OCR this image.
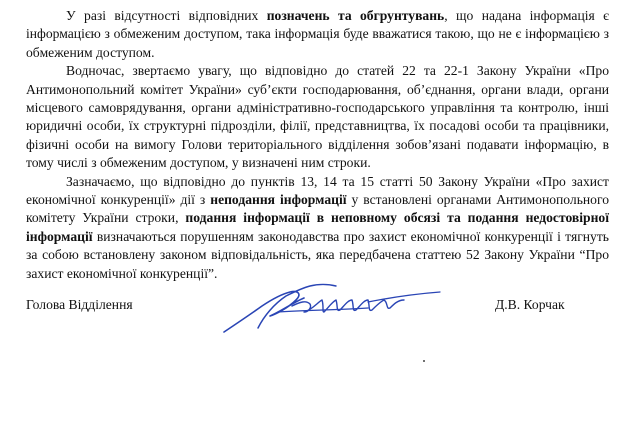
У разі відсутності відповідних позначень та обгрунтувань, що надана інформація є інформацією з обмеженим доступом, така інформація буде вважатися такою, що не є інформацією з обмеженим доступом.

Водночас, звертаємо увагу, що відповідно до статей 22 та 22-1 Закону України «Про Антимонопольний комітет України» суб’єкти господарювання, об’єднання, органи влади, органи місцевого самоврядування, органи адміністративно-господарського управління та контролю, інші юридичні особи, їх структурні підрозділи, філії, представництва, їх посадові особи та працівники, фізичні особи на вимогу Голови територіального відділення зобов’язані подавати інформацію, в тому числі з обмеженим доступом, у визначені ним строки.

Зазначаємо, що відповідно до пунктів 13, 14 та 15 статті 50 Закону України «Про захист економічної конкуренції» дії з неподання інформації у встановлені органами Антимонопольного комітету України строки, подання інформації в неповному обсязі та подання недостовірної інформації визначаються порушенням законодавства про захист економічної конкуренції і тягнуть за собою встановлену законом відповідальність, яка передбачена статтею 52 Закону України “Про захист економічної конкуренції”.

Голова Відділення	Д.В. Корчак
